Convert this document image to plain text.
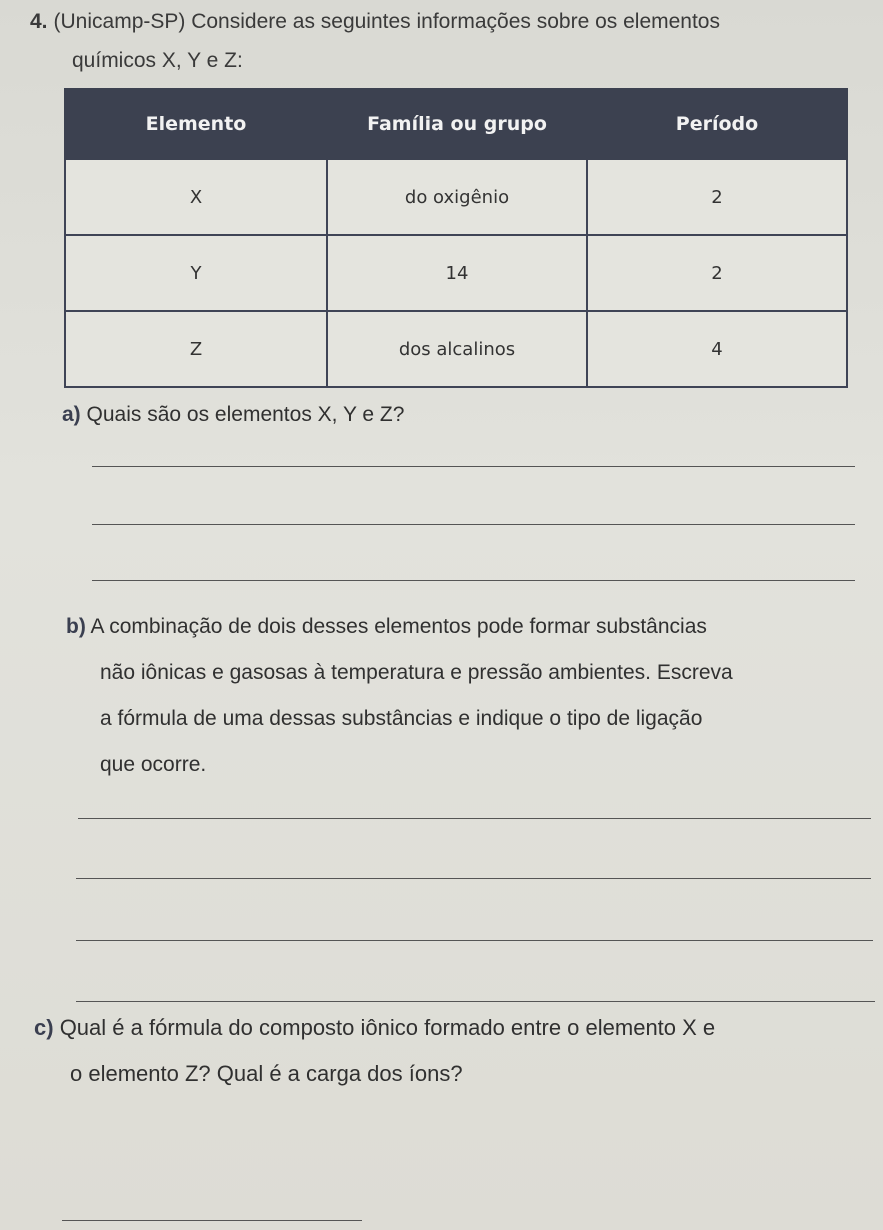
4. (Unicamp-SP) Considere as seguintes informações sobre os elementos
químicos X, Y e Z:
Elemento	Família ou grupo	Período
X	do oxigênio	2
Y	14	2
Z	dos alcalinos	4
a) Quais são os elementos X, Y e Z?
b) A combinação de dois desses elementos pode formar substâncias
não iônicas e gasosas à temperatura e pressão ambientes. Escreva
a fórmula de uma dessas substâncias e indique o tipo de ligação
que ocorre.
c) Qual é a fórmula do composto iônico formado entre o elemento X e
o elemento Z? Qual é a carga dos íons?
